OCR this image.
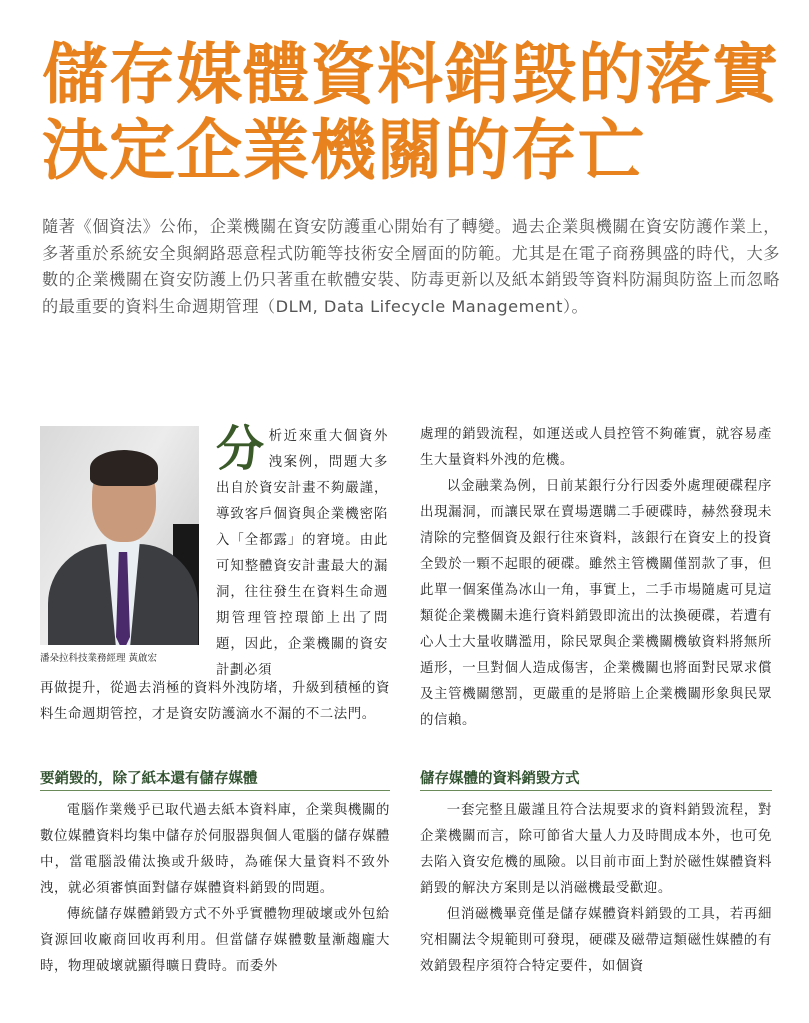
儲存媒體資料銷毀的落實
決定企業機關的存亡

隨著《個資法》公佈，企業機關在資安防護重心開始有了轉變。過去企業與機關在資安防護作業上，多著重於系統安全與網路惡意程式防範等技術安全層面的防範。尤其是在電子商務興盛的時代，大多數的企業機關在資安防護上仍只著重在軟體安裝、防毒更新以及紙本銷毀等資料防漏與防盜上而忽略的最重要的資料生命週期管理（DLM, Data Lifecycle Management）。

潘朵拉科技業務經理 黃啟宏
分析近來重大個資外洩案例，問題大多出自於資安計畫不夠嚴謹，導致客戶個資與企業機密陷入「全都露」的窘境。由此可知整體資安計畫最大的漏洞，往往發生在資料生命週期管理管控環節上出了問題，因此，企業機關的資安計劃必須
再做提升，從過去消極的資料外洩防堵，升級到積極的資料生命週期管控，才是資安防護滴水不漏的不二法門。

處理的銷毀流程，如運送或人員控管不夠確實，就容易產生大量資料外洩的危機。

以金融業為例，日前某銀行分行因委外處理硬碟程序出現漏洞，而讓民眾在賣場選購二手硬碟時，赫然發現未清除的完整個資及銀行往來資料，該銀行在資安上的投資全毀於一顆不起眼的硬碟。雖然主管機關僅罰款了事，但此單一個案僅為冰山一角，事實上，二手市場隨處可見這類從企業機關未進行資料銷毀即流出的汰換硬碟，若遭有心人士大量收購濫用，除民眾與企業機關機敏資料將無所遁形，一旦對個人造成傷害，企業機關也將面對民眾求償及主管機關懲罰，更嚴重的是將賠上企業機關形象與民眾的信賴。

要銷毀的，除了紙本還有儲存媒體

電腦作業幾乎已取代過去紙本資料庫，企業與機關的數位媒體資料均集中儲存於伺服器與個人電腦的儲存媒體中，當電腦設備汰換或升級時，為確保大量資料不致外洩，就必須審慎面對儲存媒體資料銷毀的問題。

傳統儲存媒體銷毀方式不外乎實體物理破壞或外包給資源回收廠商回收再利用。但當儲存媒體數量漸趨龐大時，物理破壞就顯得曠日費時。而委外

儲存媒體的資料銷毀方式

一套完整且嚴謹且符合法規要求的資料銷毀流程，對企業機關而言，除可節省大量人力及時間成本外，也可免去陷入資安危機的風險。以目前市面上對於磁性媒體資料銷毀的解決方案則是以消磁機最受歡迎。

但消磁機畢竟僅是儲存媒體資料銷毀的工具，若再細究相關法令規範則可發現，硬碟及磁帶這類磁性媒體的有效銷毀程序須符合特定要件，如個資
